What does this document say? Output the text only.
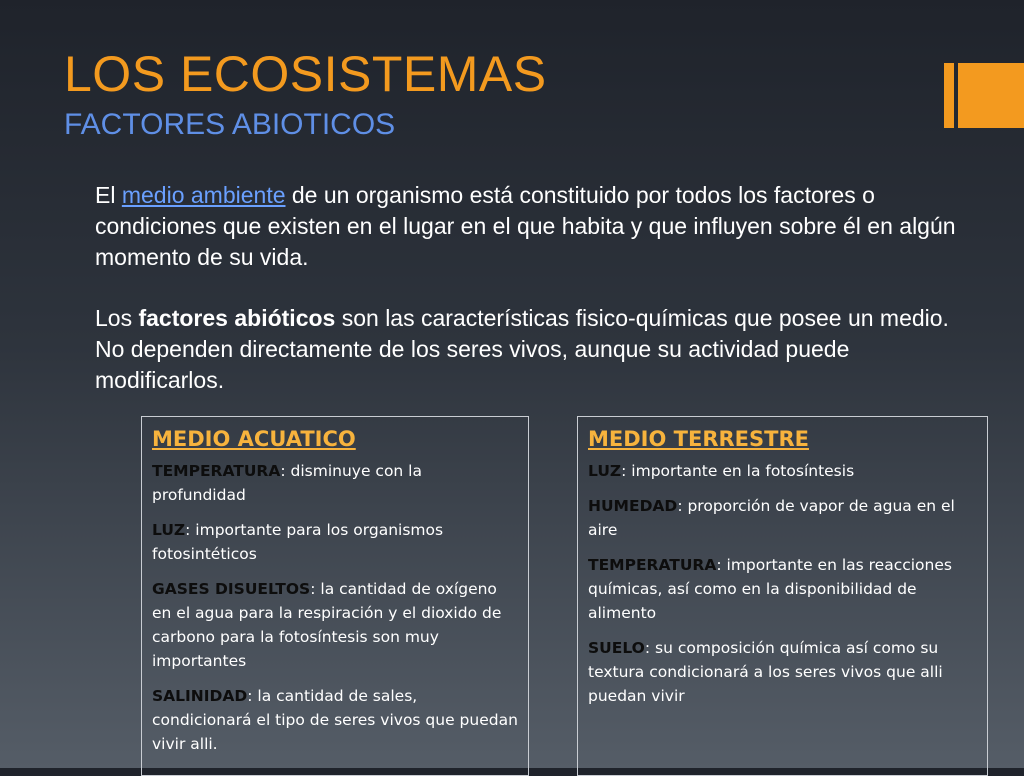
LOS ECOSISTEMAS
FACTORES ABIOTICOS

El medio ambiente de un organismo está constituido por todos los factores o condiciones que existen en el lugar en el que habita y que influyen sobre él en algún momento de su vida.

Los factores abióticos son las características fisico-químicas que posee un medio. No dependen directamente de los seres vivos, aunque su actividad puede modificarlos.

MEDIO ACUATICO

TEMPERATURA: disminuye con la profundidad

LUZ: importante para los organismos fotosintéticos

GASES DISUELTOS: la cantidad de oxígeno en el agua para la respiración y el dioxido de carbono para la fotosíntesis son muy importantes

SALINIDAD: la cantidad de sales, condicionará el tipo de seres vivos que puedan vivir alli.

MEDIO TERRESTRE

LUZ: importante en la fotosíntesis

HUMEDAD: proporción de vapor de agua en el aire

TEMPERATURA: importante en las reacciones químicas, así como en la disponibilidad de alimento

SUELO: su composición química así como su textura condicionará a los seres vivos que alli puedan vivir
